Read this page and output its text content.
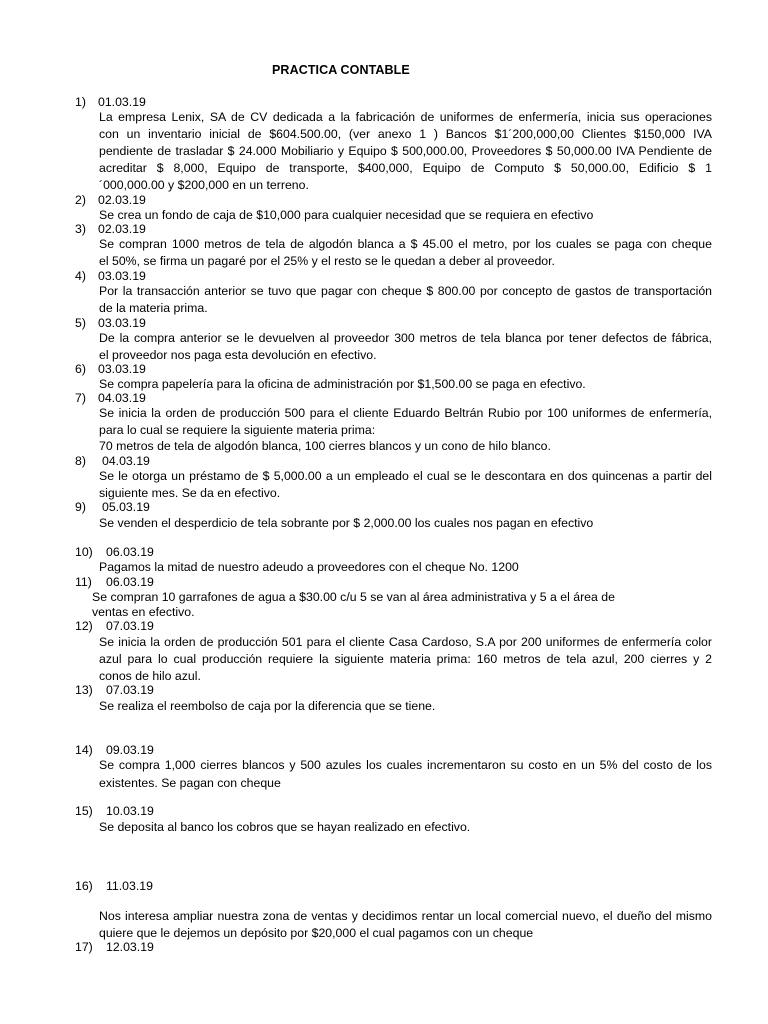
PRACTICA CONTABLE
1) 01.03.19
La empresa Lenix, SA de CV dedicada a la fabricación de uniformes de enfermería, inicia sus operaciones
con un inventario inicial de $604.500.00, (ver anexo 1 ) Bancos $1´200,000,00 Clientes $150,000 IVA
pendiente de trasladar $ 24.000 Mobiliario y Equipo $ 500,000.00, Proveedores $ 50,000.00 IVA Pendiente de
acreditar $ 8,000, Equipo de transporte, $400,000, Equipo de Computo $ 50,000.00, Edificio $ 1
´000,000.00 y $200,000 en un terreno.
2) 02.03.19
Se crea un fondo de caja de $10,000 para cualquier necesidad que se requiera en efectivo
3) 02.03.19
Se compran 1000 metros de tela de algodón blanca a $ 45.00 el metro, por los cuales se paga con cheque
el 50%, se firma un pagaré por el 25% y el resto se le quedan a deber al proveedor.
4) 03.03.19
Por la transacción anterior se tuvo que pagar con cheque $ 800.00 por concepto de gastos de transportación
de la materia prima.
5) 03.03.19
De la compra anterior se le devuelven al proveedor 300 metros de tela blanca por tener defectos de fábrica,
el proveedor nos paga esta devolución en efectivo.
6) 03.03.19
Se compra papelería para la oficina de administración por $1,500.00 se paga en efectivo.
7) 04.03.19
Se inicia la orden de producción 500 para el cliente Eduardo Beltrán Rubio por 100 uniformes de enfermería,
para lo cual se requiere la siguiente materia prima:
70 metros de tela de algodón blanca, 100 cierres blancos y un cono de hilo blanco.
8) 04.03.19
Se le otorga un préstamo de $ 5,000.00 a un empleado el cual se le descontara en dos quincenas a partir del
siguiente mes. Se da en efectivo.
9) 05.03.19
Se venden el desperdicio de tela sobrante por $ 2,000.00 los cuales nos pagan en efectivo
10) 06.03.19
Pagamos la mitad de nuestro adeudo a proveedores con el cheque No. 1200
11) 06.03.19
Se compran 10 garrafones de agua a $30.00 c/u 5 se van al área administrativa y 5 a el área de
ventas en efectivo.
12) 07.03.19
Se inicia la orden de producción 501 para el cliente Casa Cardoso, S.A por 200 uniformes de enfermería color
azul para lo cual producción requiere la siguiente materia prima: 160 metros de tela azul, 200 cierres y 2
conos de hilo azul.
13) 07.03.19
Se realiza el reembolso de caja por la diferencia que se tiene.
14) 09.03.19
Se compra 1,000 cierres blancos y 500 azules los cuales incrementaron su costo en un 5% del costo de los
existentes. Se pagan con cheque
15) 10.03.19
Se deposita al banco los cobros que se hayan realizado en efectivo.
16) 11.03.19
Nos interesa ampliar nuestra zona de ventas y decidimos rentar un local comercial nuevo, el dueño del mismo
quiere que le dejemos un depósito por $20,000 el cual pagamos con un cheque
17) 12.03.19
